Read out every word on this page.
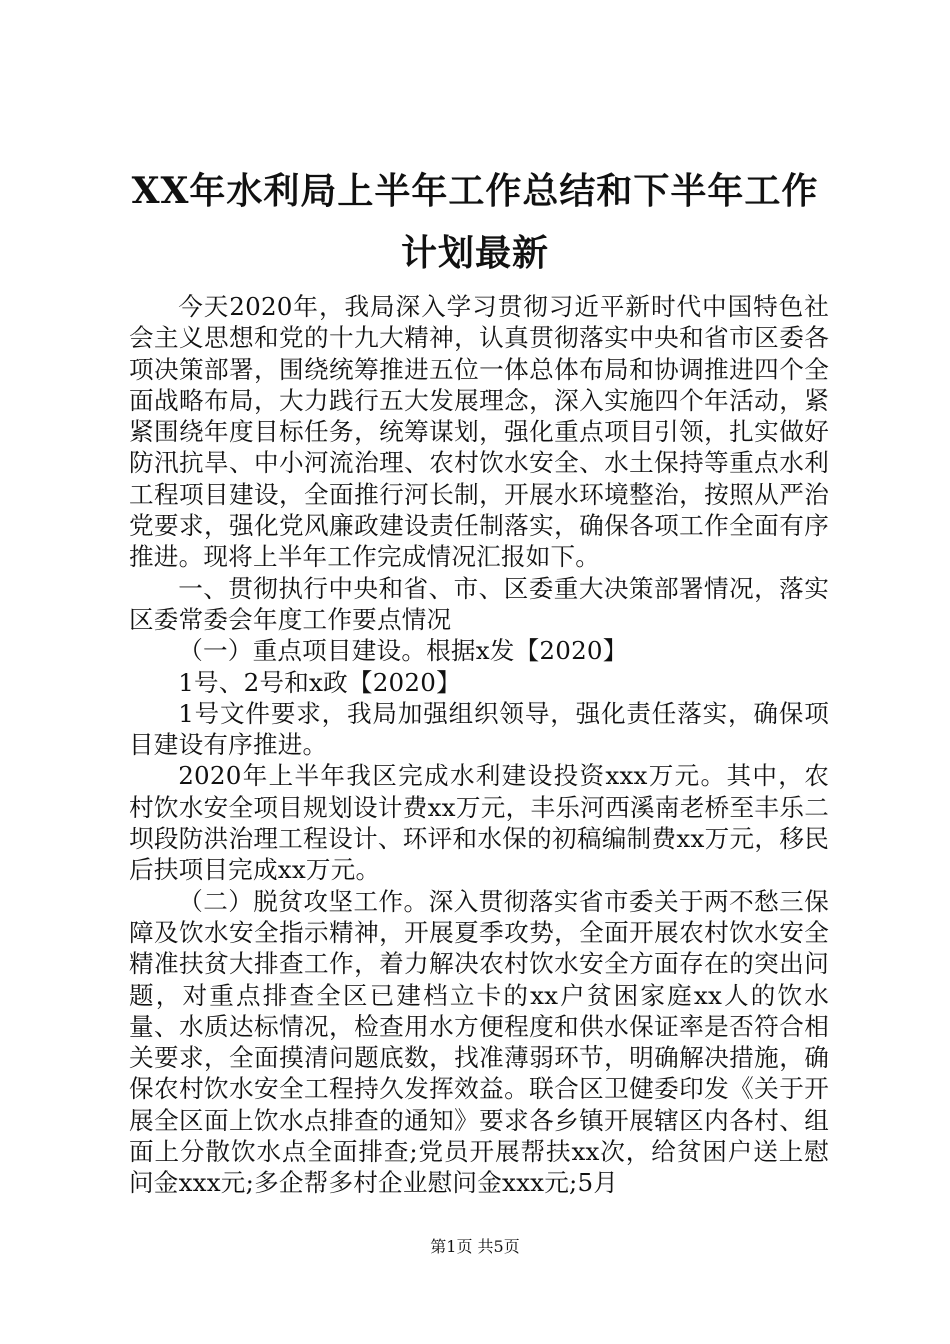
XX年水利局上半年工作总结和下半年工作计划最新

今天2020年，我局深入学习贯彻习近平新时代中国特色社会主义思想和党的十九大精神，认真贯彻落实中央和省市区委各项决策部署，围绕统筹推进五位一体总体布局和协调推进四个全面战略布局，大力践行五大发展理念，深入实施四个年活动，紧紧围绕年度目标任务，统筹谋划，强化重点项目引领，扎实做好防汛抗旱、中小河流治理、农村饮水安全、水土保持等重点水利工程项目建设，全面推行河长制，开展水环境整治，按照从严治党要求，强化党风廉政建设责任制落实，确保各项工作全面有序推进。现将上半年工作完成情况汇报如下。

一、贯彻执行中央和省、市、区委重大决策部署情况，落实区委常委会年度工作要点情况

（一）重点项目建设。根据x发【2020】

1号、2号和x政【2020】

1号文件要求，我局加强组织领导，强化责任落实，确保项目建设有序推进。

2020年上半年我区完成水利建设投资xxx万元。其中，农村饮水安全项目规划设计费xx万元，丰乐河西溪南老桥至丰乐二坝段防洪治理工程设计、环评和水保的初稿编制费xx万元，移民后扶项目完成xx万元。

（二）脱贫攻坚工作。深入贯彻落实省市委关于两不愁三保障及饮水安全指示精神，开展夏季攻势，全面开展农村饮水安全精准扶贫大排查工作，着力解决农村饮水安全方面存在的突出问题，对重点排查全区已建档立卡的xx户贫困家庭xx人的饮水量、水质达标情况，检查用水方便程度和供水保证率是否符合相关要求，全面摸清问题底数，找准薄弱环节，明确解决措施，确保农村饮水安全工程持久发挥效益。联合区卫健委印发《关于开展全区面上饮水点排查的通知》要求各乡镇开展辖区内各村、组面上分散饮水点全面排查;党员开展帮扶xx次，给贫困户送上慰问金xxx元;多企帮多村企业慰问金xxx元;5月

第1页 共5页
